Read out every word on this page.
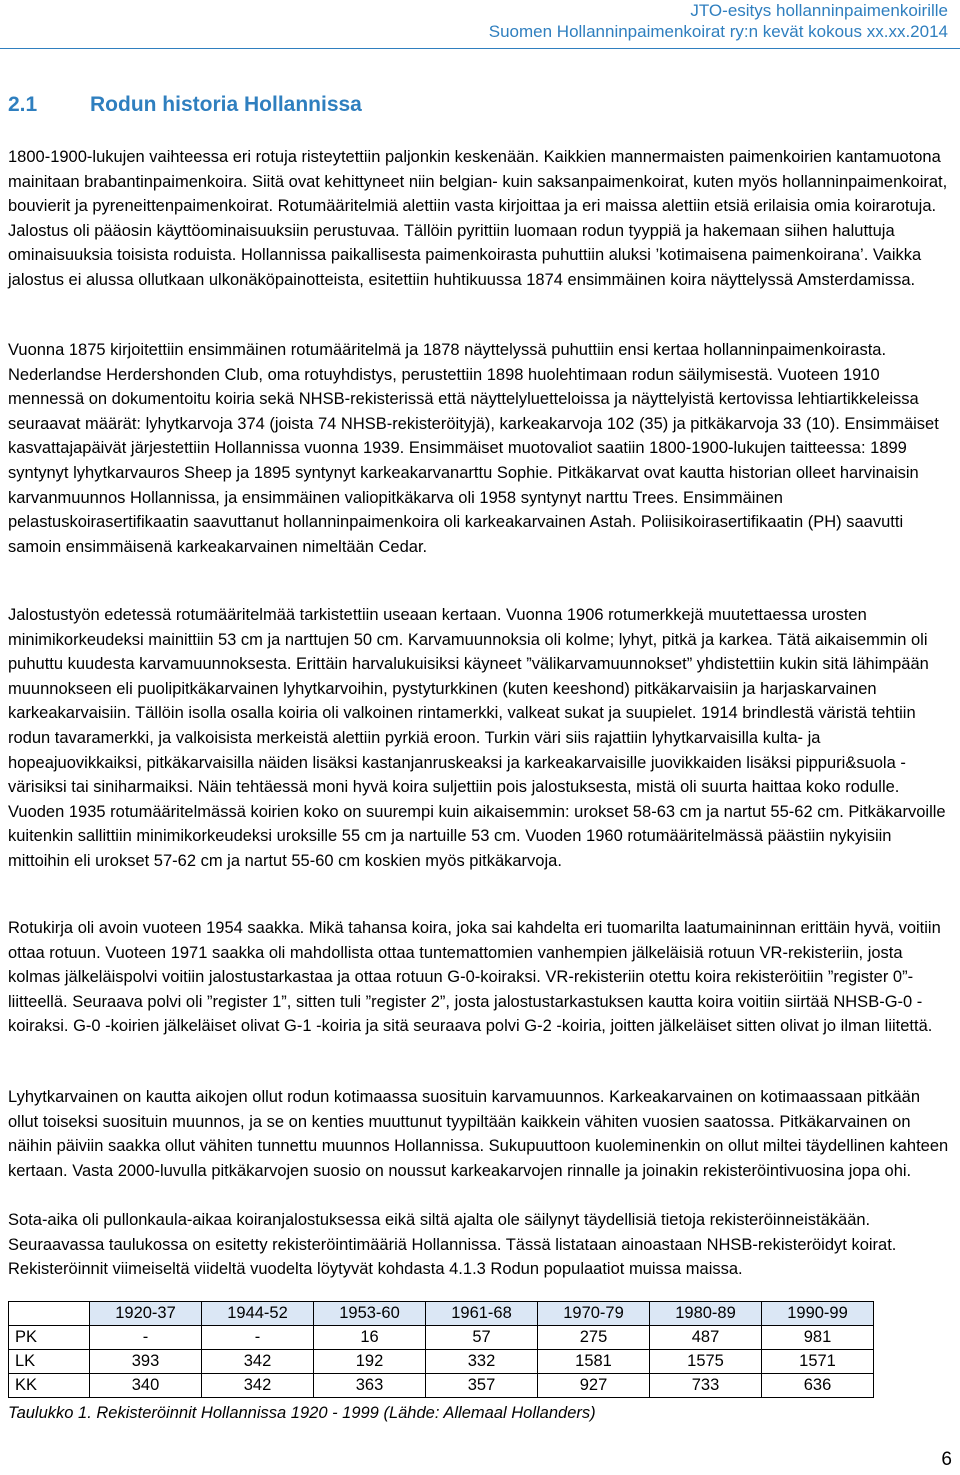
JTO-esitys hollanninpaimenkoirille
Suomen Hollanninpaimenkoirat ry:n kevät kokous xx.xx.2014
2.1	Rodun historia Hollannissa

1800-1900-lukujen vaihteessa eri rotuja risteytettiin paljonkin keskenään. Kaikkien mannermaisten paimenkoirien kantamuotona mainitaan brabantinpaimenkoira. Siitä ovat kehittyneet niin belgian- kuin saksanpaimenkoirat, kuten myös hollanninpaimenkoirat, bouvierit ja pyreneittenpaimenkoirat. Rotumääritelmiä alettiin vasta kirjoittaa ja eri maissa alettiin etsiä erilaisia omia koirarotuja. Jalostus oli pääosin käyttöominaisuuksiin perustuvaa. Tällöin pyrittiin luomaan rodun tyyppiä ja hakemaan siihen haluttuja ominaisuuksia toisista roduista. Hollannissa paikallisesta paimenkoirasta puhuttiin aluksi ’kotimaisena paimenkoirana’. Vaikka jalostus ei alussa ollutkaan ulkonäköpainotteista, esitettiin huhtikuussa 1874 ensimmäinen koira näyttelyssä Amsterdamissa.

Vuonna 1875 kirjoitettiin ensimmäinen rotumääritelmä ja 1878 näyttelyssä puhuttiin ensi kertaa hollanninpaimenkoirasta. Nederlandse Herdershonden Club, oma rotuyhdistys, perustettiin 1898 huolehtimaan rodun säilymisestä. Vuoteen 1910 mennessä on dokumentoitu koiria sekä NHSB-rekisterissä että näyttelyluetteloissa ja näyttelyistä kertovissa lehtiartikkeleissa seuraavat määrät: lyhytkarvoja 374 (joista 74 NHSB-rekisteröityjä), karkeakarvoja 102 (35) ja pitkäkarvoja 33 (10). Ensimmäiset kasvattajapäivät järjestettiin Hollannissa vuonna 1939. Ensimmäiset muotovaliot saatiin 1800-1900-lukujen taitteessa: 1899 syntynyt lyhytkarvauros Sheep ja 1895 syntynyt karkeakarvanarttu Sophie. Pitkäkarvat ovat kautta historian olleet harvinaisin karvanmuunnos Hollannissa, ja ensimmäinen valiopitkäkarva oli 1958 syntynyt narttu Trees. Ensimmäinen pelastuskoirasertifikaatin saavuttanut hollanninpaimenkoira oli karkeakarvainen Astah. Poliisikoirasertifikaatin (PH) saavutti samoin ensimmäisenä karkeakarvainen nimeltään Cedar.

Jalostustyön edetessä rotumääritelmää tarkistettiin useaan kertaan. Vuonna 1906 rotumerkkejä muutettaessa urosten minimikorkeudeksi mainittiin 53 cm ja narttujen 50 cm. Karvamuunnoksia oli kolme; lyhyt, pitkä ja karkea. Tätä aikaisemmin oli puhuttu kuudesta karvamuunnoksesta. Erittäin harvalukuisiksi käyneet ”välikarvamuunnokset” yhdistettiin kukin sitä lähimpään muunnokseen eli puolipitkäkarvainen lyhytkarvoihin, pystyturkkinen (kuten keeshond) pitkäkarvaisiin ja harjaskarvainen karkeakarvaisiin. Tällöin isolla osalla koiria oli valkoinen rintamerkki, valkeat sukat ja suupielet. 1914 brindlestä väristä tehtiin rodun tavaramerkki, ja valkoisista merkeistä alettiin pyrkiä eroon. Turkin väri siis rajattiin lyhytkarvaisilla kulta- ja hopeajuovikkaiksi, pitkäkarvaisilla näiden lisäksi kastanjanruskeaksi ja karkeakarvaisille juovikkaiden lisäksi pippuri&suola -värisiksi tai siniharmaiksi. Näin tehtäessä moni hyvä koira suljettiin pois jalostuksesta, mistä oli suurta haittaa koko rodulle. Vuoden 1935 rotumääritelmässä koirien koko on suurempi kuin aikaisemmin: urokset 58-63 cm ja nartut 55-62 cm. Pitkäkarvoille kuitenkin sallittiin minimikorkeudeksi uroksille 55 cm ja nartuille 53 cm. Vuoden 1960 rotumääritelmässä päästiin nykyisiin mittoihin eli urokset 57-62 cm ja nartut 55-60 cm koskien myös pitkäkarvoja.

Rotukirja oli avoin vuoteen 1954 saakka. Mikä tahansa koira, joka sai kahdelta eri tuomarilta laatumaininnan erittäin hyvä, voitiin ottaa rotuun. Vuoteen 1971 saakka oli mahdollista ottaa tuntemattomien vanhempien jälkeläisiä rotuun VR-rekisteriin, josta kolmas jälkeläispolvi voitiin jalostustarkastaa ja ottaa rotuun G-0-koiraksi. VR-rekisteriin otettu koira rekisteröitiin ”register 0”-liitteellä. Seuraava polvi oli ”register 1”, sitten tuli ”register 2”, josta jalostustarkastuksen kautta koira voitiin siirtää NHSB-G-0 -koiraksi. G-0 -koirien jälkeläiset olivat G-1 -koiria ja sitä seuraava polvi G-2 -koiria, joitten jälkeläiset sitten olivat jo ilman liitettä.

Lyhytkarvainen on kautta aikojen ollut rodun kotimaassa suosituin karvamuunnos. Karkeakarvainen on kotimaassaan pitkään ollut toiseksi suosituin muunnos, ja se on kenties muuttunut tyypiltään kaikkein vähiten vuosien saatossa. Pitkäkarvainen on näihin päiviin saakka ollut vähiten tunnettu muunnos Hollannissa. Sukupuuttoon kuoleminenkin on ollut miltei täydellinen kahteen kertaan. Vasta 2000-luvulla pitkäkarvojen suosio on noussut karkeakarvojen rinnalle ja joinakin rekisteröintivuosina jopa ohi.

Sota-aika oli pullonkaula-aikaa koiranjalostuksessa eikä siltä ajalta ole säilynyt täydellisiä tietoja rekisteröinneistäkään. Seuraavassa taulukossa on esitetty rekisteröintimääriä Hollannissa. Tässä listataan ainoastaan NHSB-rekisteröidyt koirat. Rekisteröinnit viimeiseltä viideltä vuodelta löytyvät kohdasta 4.1.3 Rodun populaatiot muissa maissa.

	1920-37	1944-52	1953-60	1961-68	1970-79	1980-89	1990-99
PK	-	-	16	57	275	487	981
LK	393	342	192	332	1581	1575	1571
KK	340	342	363	357	927	733	636
Taulukko 1. Rekisteröinnit Hollannissa 1920 - 1999 (Lähde: Allemaal Hollanders)
6
